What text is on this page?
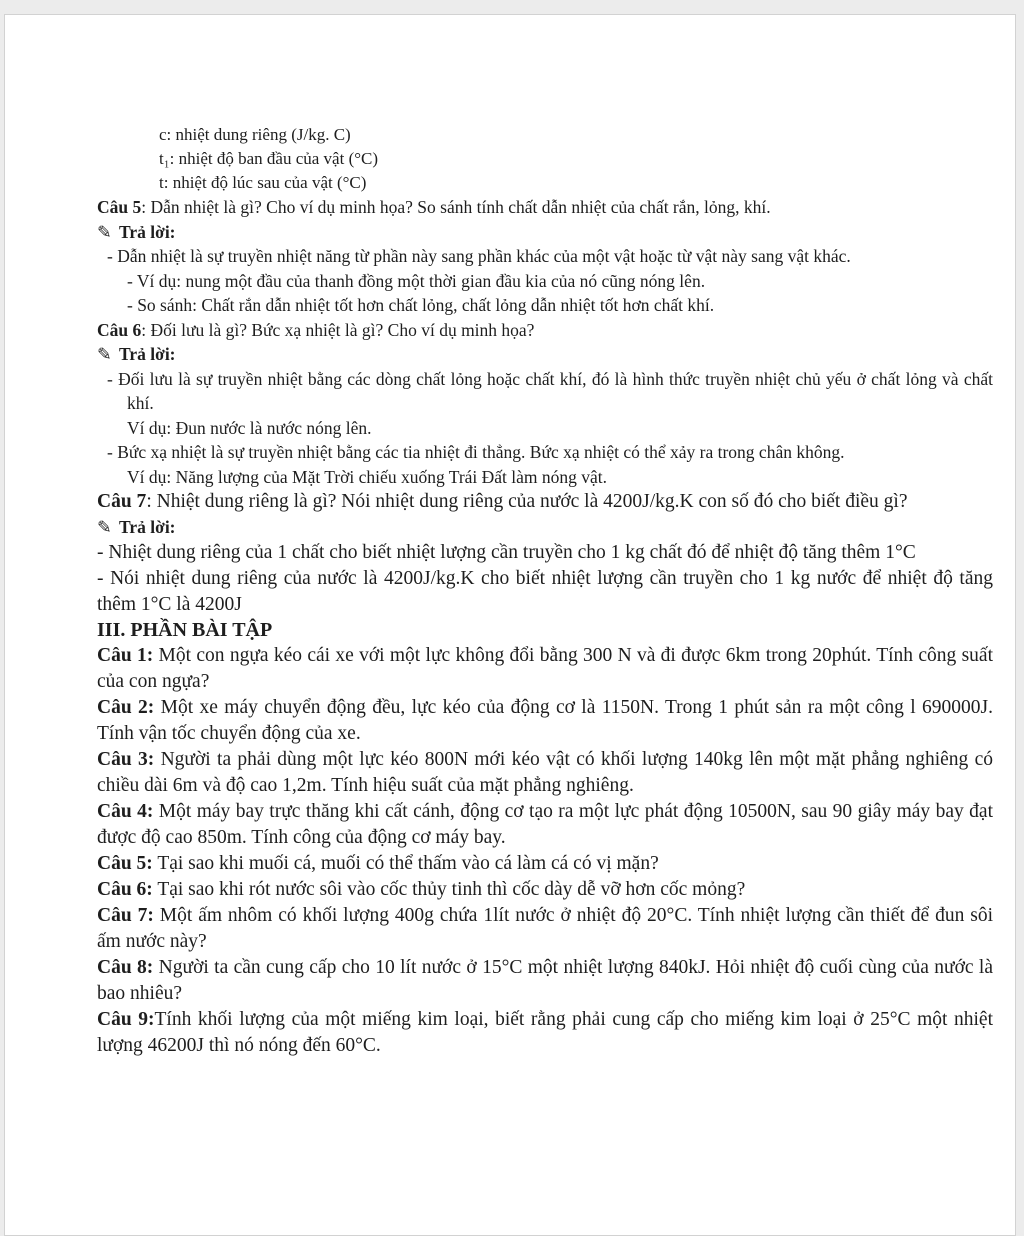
c: nhiệt dung riêng (J/kg. C)

t₁: nhiệt độ ban đầu của vật (°C)

t: nhiệt độ lúc sau của vật (°C)

Câu 5: Dẫn nhiệt là gì? Cho ví dụ minh họa? So sánh tính chất dẫn nhiệt của chất rắn, lỏng, khí.

✎ Trả lời:

- Dẫn nhiệt là sự truyền nhiệt năng từ phần này sang phần khác của một vật hoặc từ vật này sang vật khác.

- Ví dụ: nung một đầu của thanh đồng một thời gian đầu kia của nó cũng nóng lên.

- So sánh: Chất rắn dẫn nhiệt tốt hơn chất lỏng, chất lỏng dẫn nhiệt tốt hơn chất khí.

Câu 6: Đối lưu là gì? Bức xạ nhiệt là gì? Cho ví dụ minh họa?

✎ Trả lời:

- Đối lưu là sự truyền nhiệt bằng các dòng chất lỏng hoặc chất khí, đó là hình thức truyền nhiệt chủ yếu ở chất lỏng và chất khí.

Ví dụ: Đun nước là nước nóng lên.

- Bức xạ nhiệt là sự truyền nhiệt bằng các tia nhiệt đi thẳng. Bức xạ nhiệt có thể xảy ra trong chân không.

Ví dụ: Năng lượng của Mặt Trời chiếu xuống Trái Đất làm nóng vật.

Câu 7: Nhiệt dung riêng là gì? Nói nhiệt dung riêng của nước là 4200J/kg.K con số đó cho biết điều gì?

✎ Trả lời:

- Nhiệt dung riêng của 1 chất cho biết nhiệt lượng cần truyền cho 1 kg chất đó để nhiệt độ tăng thêm 1°C

- Nói nhiệt dung riêng của nước là 4200J/kg.K cho biết nhiệt lượng cần truyền cho 1 kg nước để nhiệt độ tăng thêm 1°C là 4200J

III. PHẦN BÀI TẬP

Câu 1: Một con ngựa kéo cái xe với một lực không đổi bằng 300 N và đi được 6km trong 20phút. Tính công suất của con ngựa?

Câu 2: Một xe máy chuyển động đều, lực kéo của động cơ là 1150N. Trong 1 phút sản ra một công l 690000J. Tính vận tốc chuyển động của xe.

Câu 3: Người ta phải dùng một lực kéo 800N mới kéo vật có khối lượng 140kg lên một mặt phẳng nghiêng có chiều dài 6m và độ cao 1,2m. Tính hiệu suất của mặt phẳng nghiêng.

Câu 4: Một máy bay trực thăng khi cất cánh, động cơ tạo ra một lực phát động 10500N, sau 90 giây máy bay đạt được độ cao 850m. Tính công của động cơ máy bay.

Câu 5: Tại sao khi muối cá, muối có thể thấm vào cá làm cá có vị mặn?

Câu 6: Tại sao khi rót nước sôi vào cốc thủy tinh thì cốc dày dễ vỡ hơn cốc mỏng?

Câu 7: Một ấm nhôm có khối lượng 400g chứa 1lít nước ở nhiệt độ 20°C. Tính nhiệt lượng cần thiết để đun sôi ấm nước này?

Câu 8: Người ta cần cung cấp cho 10 lít nước ở 15°C một nhiệt lượng 840kJ. Hỏi nhiệt độ cuối cùng của nước là bao nhiêu?

Câu 9:Tính khối lượng của một miếng kim loại, biết rằng phải cung cấp cho miếng kim loại ở 25°C một nhiệt lượng 46200J thì nó nóng đến 60°C.
